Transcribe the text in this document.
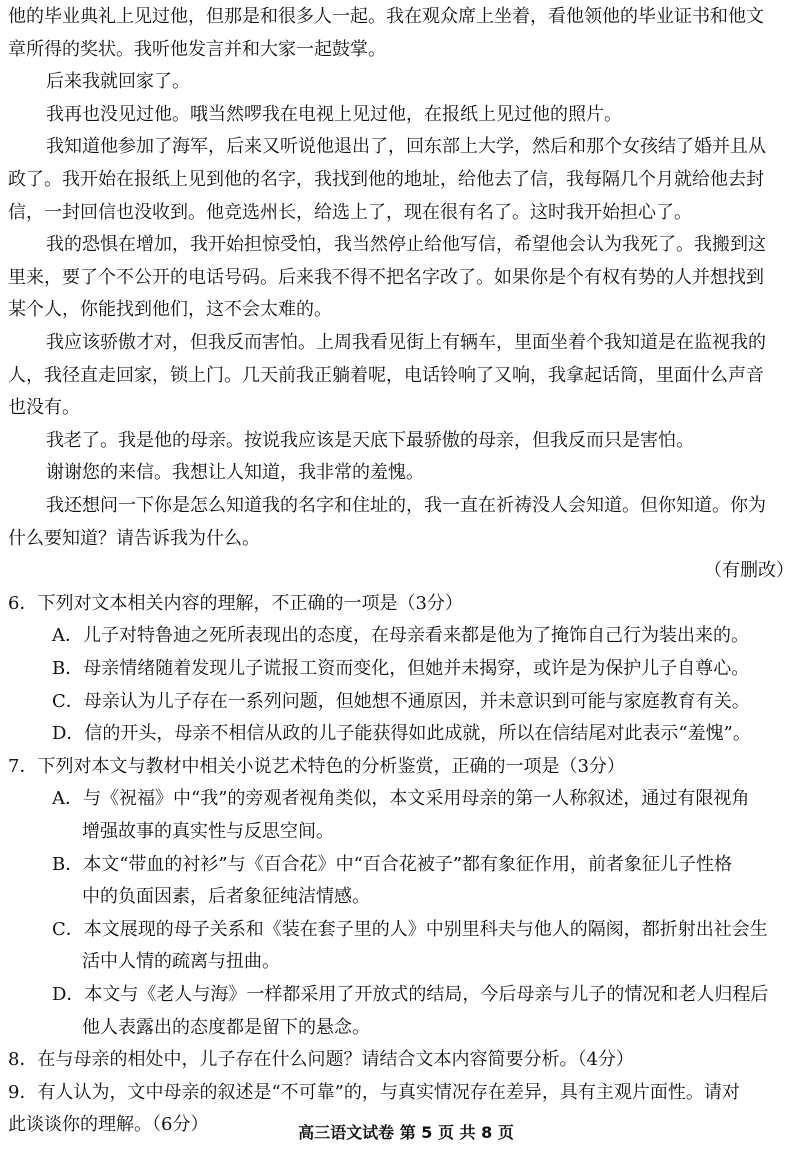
他的毕业典礼上见过他，但那是和很多人一起。我在观众席上坐着，看他领他的毕业证书和他文
章所得的奖状。我听他发言并和大家一起鼓掌。
后来我就回家了。
我再也没见过他。哦当然啰我在电视上见过他，在报纸上见过他的照片。
我知道他参加了海军，后来又听说他退出了，回东部上大学，然后和那个女孩结了婚并且从
政了。我开始在报纸上见到他的名字，我找到他的地址，给他去了信，我每隔几个月就给他去封
信，一封回信也没收到。他竞选州长，给选上了，现在很有名了。这时我开始担心了。
我的恐惧在增加，我开始担惊受怕，我当然停止给他写信，希望他会认为我死了。我搬到这
里来，要了个不公开的电话号码。后来我不得不把名字改了。如果你是个有权有势的人并想找到
某个人，你能找到他们，这不会太难的。
我应该骄傲才对，但我反而害怕。上周我看见街上有辆车，里面坐着个我知道是在监视我的
人，我径直走回家，锁上门。几天前我正躺着呢，电话铃响了又响，我拿起话筒，里面什么声音
也没有。
我老了。我是他的母亲。按说我应该是天底下最骄傲的母亲，但我反而只是害怕。
谢谢您的来信。我想让人知道，我非常的羞愧。
我还想问一下你是怎么知道我的名字和住址的，我一直在祈祷没人会知道。但你知道。你为
什么要知道？请告诉我为什么。
（有删改）
6．下列对文本相关内容的理解，不正确的一项是（3分）
A．儿子对特鲁迪之死所表现出的态度，在母亲看来都是他为了掩饰自己行为装出来的。
B．母亲情绪随着发现儿子谎报工资而变化，但她并未揭穿，或许是为保护儿子自尊心。
C．母亲认为儿子存在一系列问题，但她想不通原因，并未意识到可能与家庭教育有关。
D．信的开头，母亲不相信从政的儿子能获得如此成就，所以在信结尾对此表示“羞愧”。
7．下列对本文与教材中相关小说艺术特色的分析鉴赏，正确的一项是（3分）
A．与《祝福》中“我”的旁观者视角类似，本文采用母亲的第一人称叙述，通过有限视角
增强故事的真实性与反思空间。
B．本文“带血的衬衫”与《百合花》中“百合花被子”都有象征作用，前者象征儿子性格
中的负面因素，后者象征纯洁情感。
C．本文展现的母子关系和《装在套子里的人》中别里科夫与他人的隔阂，都折射出社会生
活中人情的疏离与扭曲。
D．本文与《老人与海》一样都采用了开放式的结局，今后母亲与儿子的情况和老人归程后
他人表露出的态度都是留下的悬念。
8．在与母亲的相处中，儿子存在什么问题？请结合文本内容简要分析。（4分）
9．有人认为，文中母亲的叙述是“不可靠”的，与真实情况存在差异，具有主观片面性。请对
此谈谈你的理解。（6分）	高三语文试卷 第 5 页 共 8 页
